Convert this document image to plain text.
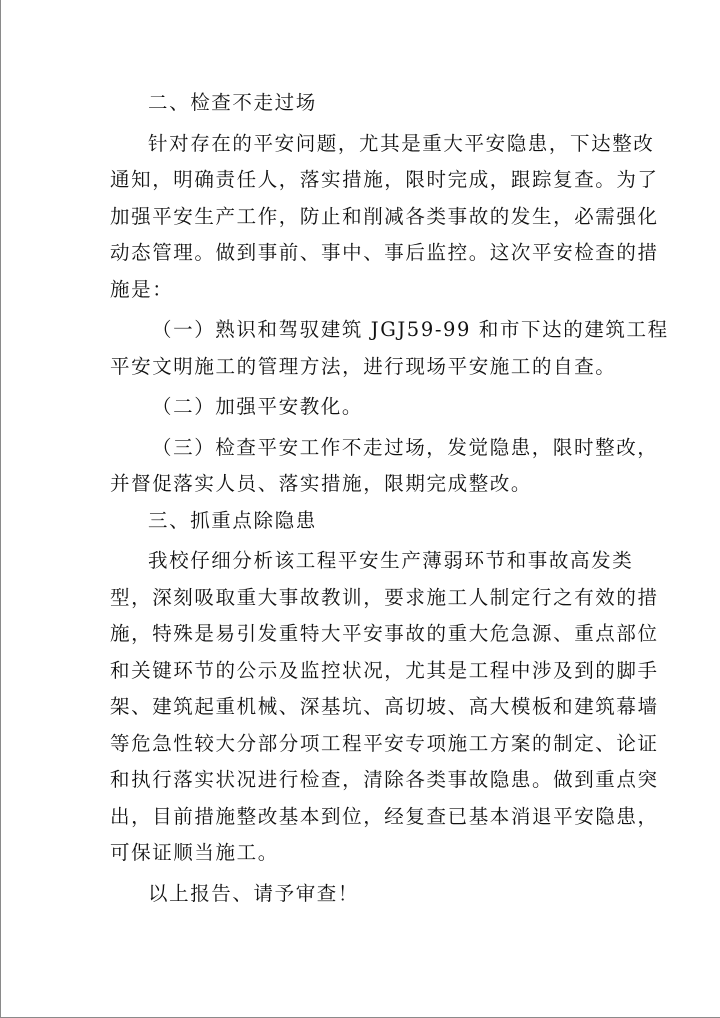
二、检查不走过场
针对存在的平安问题，尤其是重大平安隐患，下达整改
通知，明确责任人，落实措施，限时完成，跟踪复查。为了
加强平安生产工作，防止和削减各类事故的发生，必需强化
动态管理。做到事前、事中、事后监控。这次平安检查的措
施是：
（一）熟识和驾驭建筑 JGJ59-99 和市下达的建筑工程
平安文明施工的管理方法，进行现场平安施工的自查。
（二）加强平安教化。
（三）检查平安工作不走过场，发觉隐患，限时整改，
并督促落实人员、落实措施，限期完成整改。
三、抓重点除隐患
我校仔细分析该工程平安生产薄弱环节和事故高发类
型，深刻吸取重大事故教训，要求施工人制定行之有效的措
施，特殊是易引发重特大平安事故的重大危急源、重点部位
和关键环节的公示及监控状况，尤其是工程中涉及到的脚手
架、建筑起重机械、深基坑、高切坡、高大模板和建筑幕墙
等危急性较大分部分项工程平安专项施工方案的制定、论证
和执行落实状况进行检查，清除各类事故隐患。做到重点突
出，目前措施整改基本到位，经复查已基本消退平安隐患，
可保证顺当施工。
以上报告、请予审查！
